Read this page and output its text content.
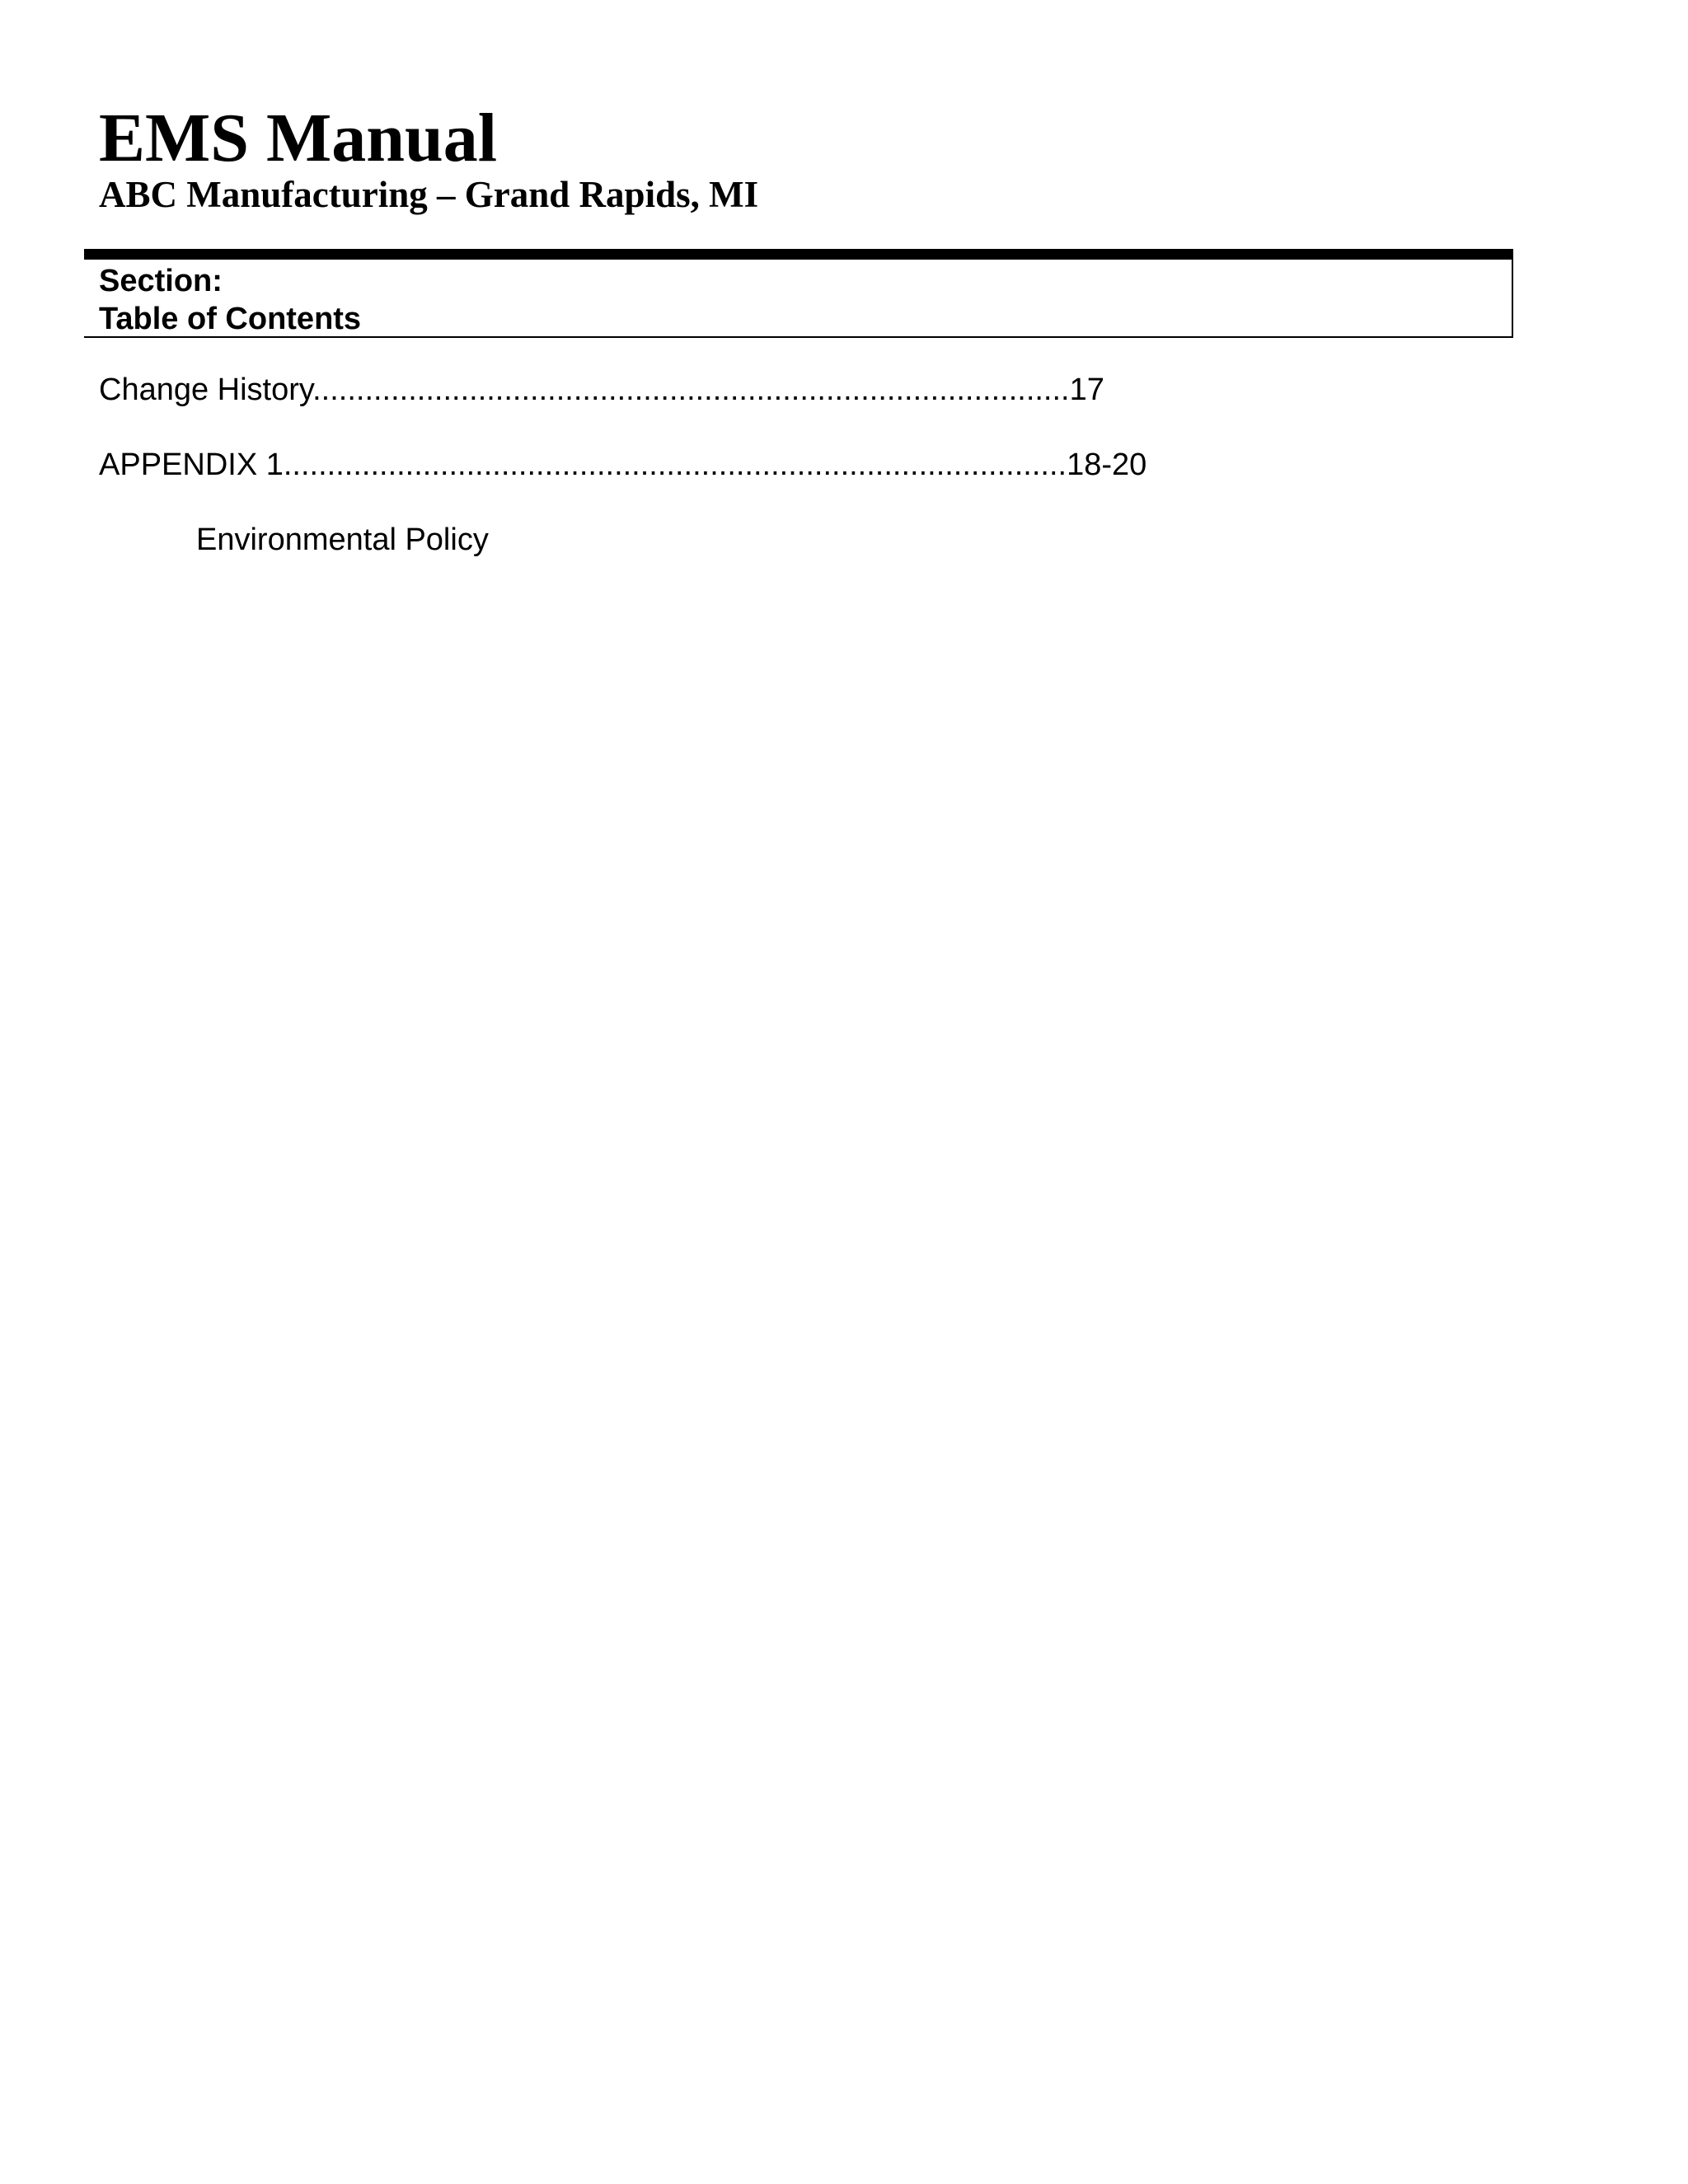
EMS Manual
ABC Manufacturing – Grand Rapids, MI
Section:
Table of Contents
Change History.......................................................................................17
APPENDIX 1..........................................................................................18-20
Environmental Policy
